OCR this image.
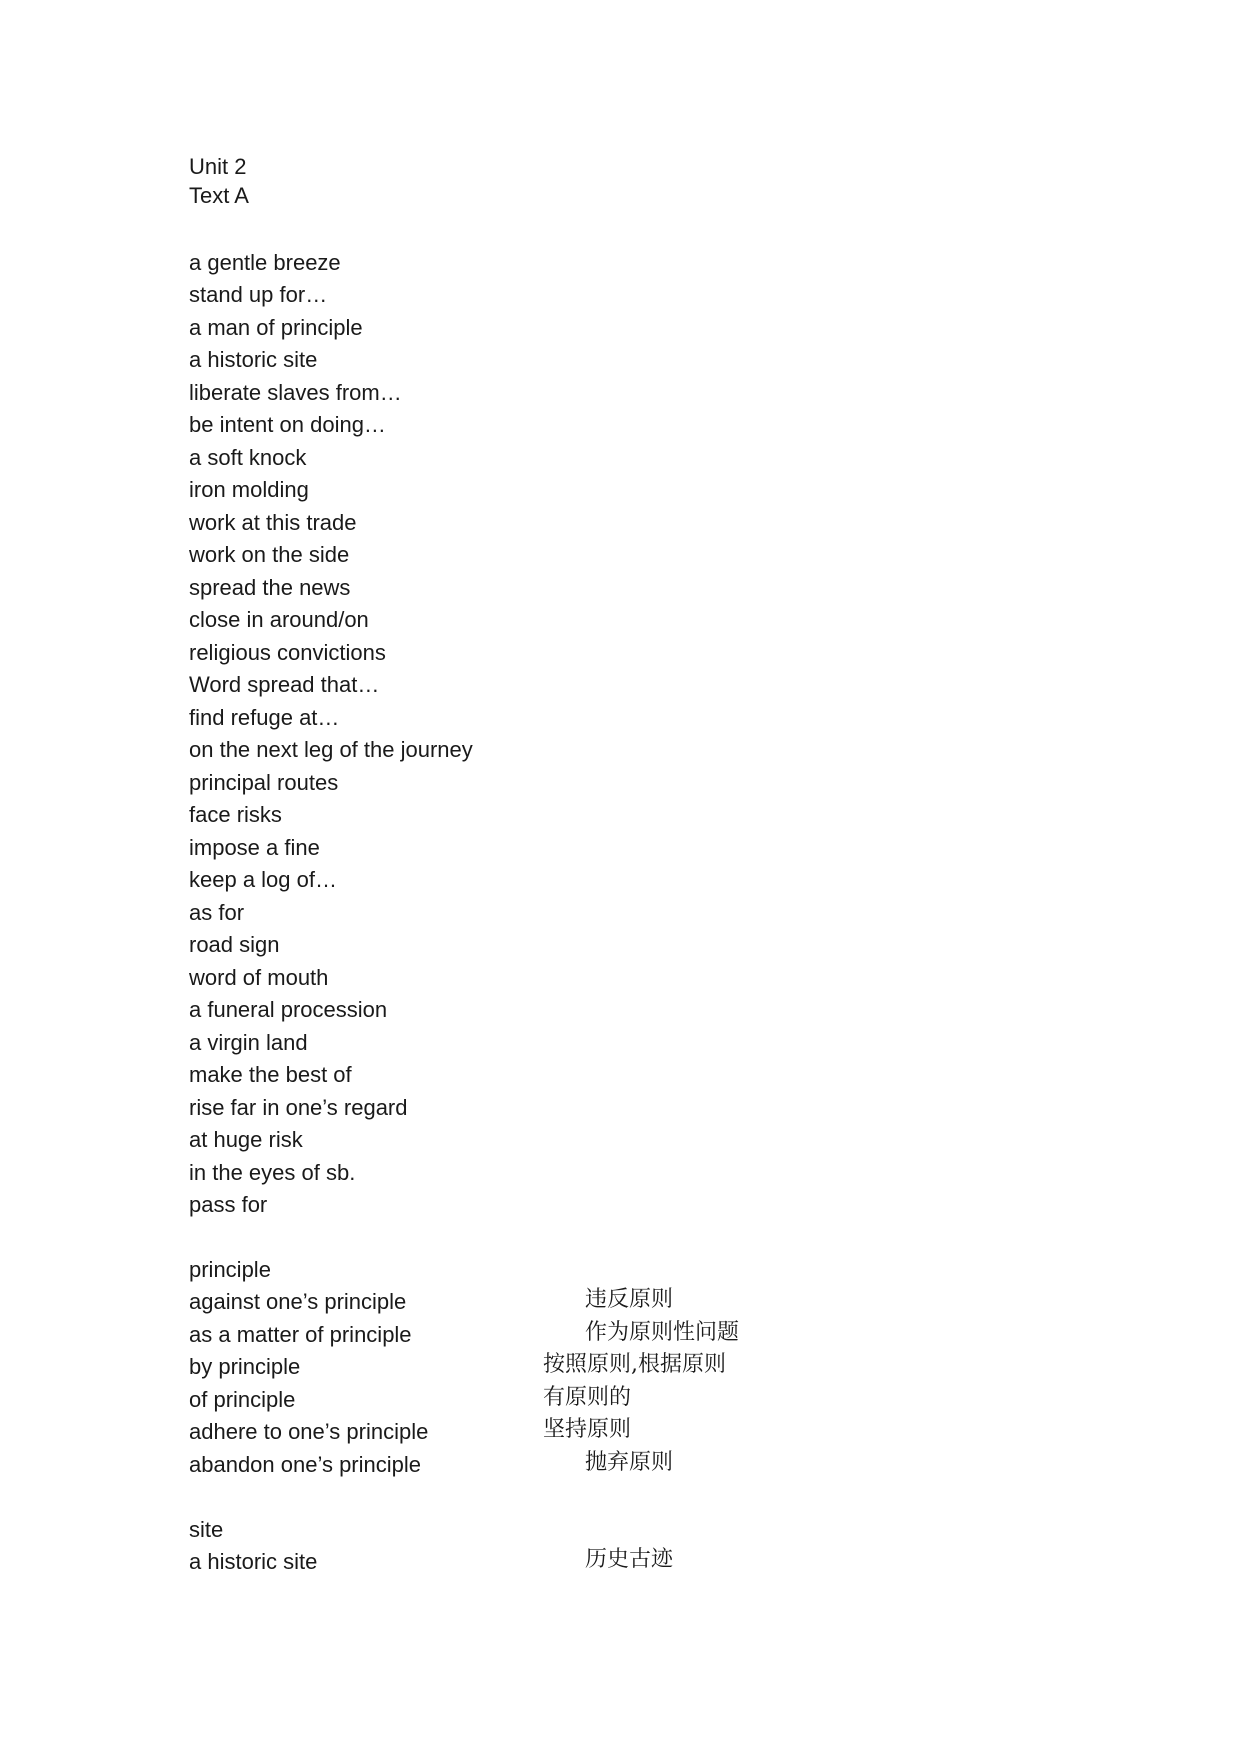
Unit 2
Text A
a gentle breeze
stand up for…
a man of principle
a historic site
liberate slaves from…
be intent on doing…
a soft knock
iron molding
work at this trade
work on the side
spread the news
close in around/on
religious convictions
Word spread that…
find refuge at…
on the next leg of the journey
principal routes
face risks
impose a fine
keep a log of…
as for
road sign
word of mouth
a funeral procession
a virgin land
make the best of
rise far in one’s regard
at huge risk
in the eyes of sb.
pass for
principle
against one’s principle	违反原则
as a matter of principle	作为原则性问题
by principle	按照原则,根据原则
of principle	有原则的
adhere to one’s principle	坚持原则
abandon one’s principle	抛弃原则
site
a historic site	历史古迹
